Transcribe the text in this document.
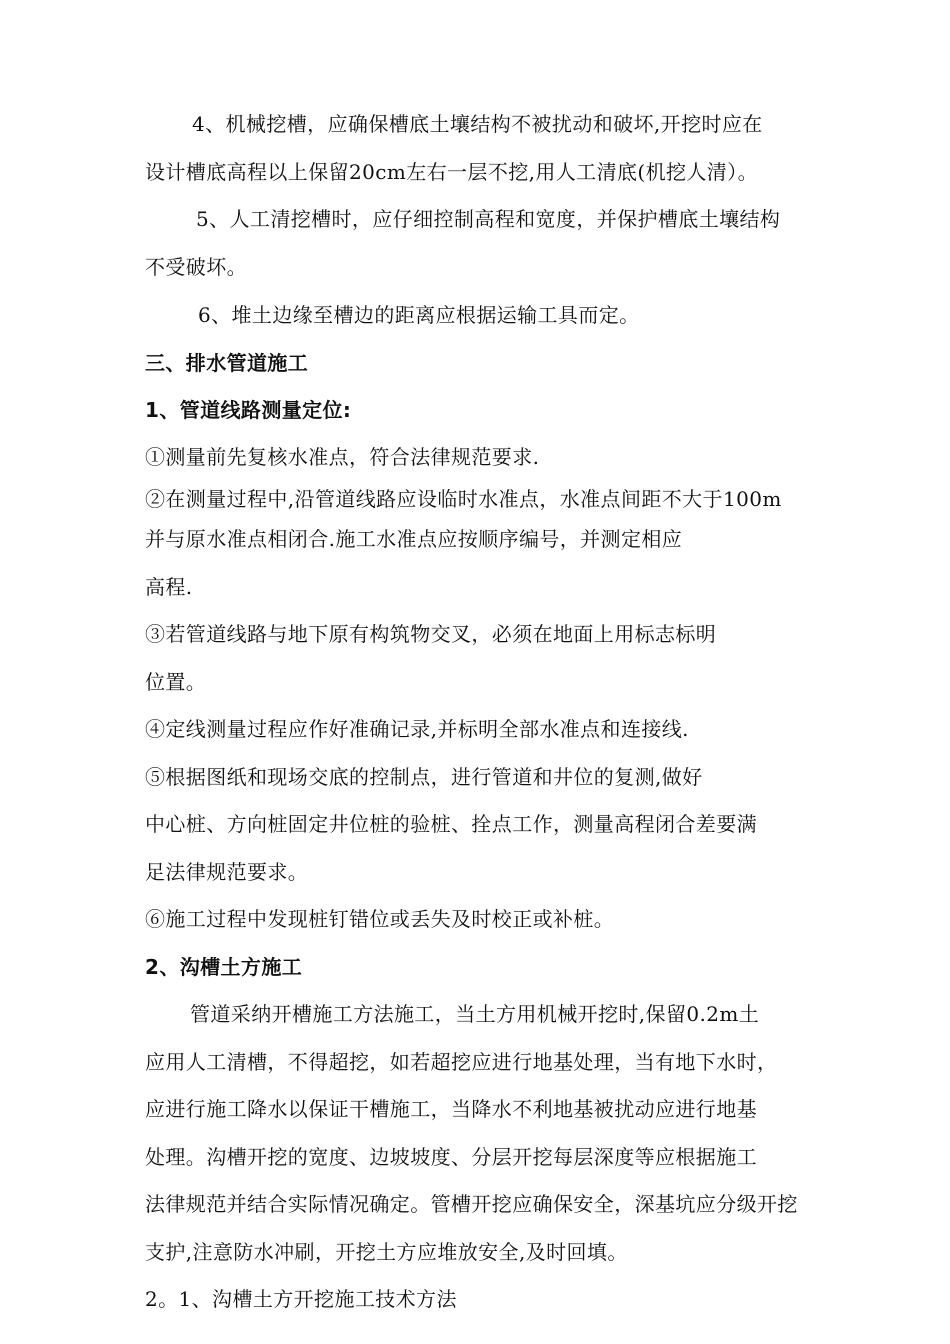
4、机械挖槽，应确保槽底土壤结构不被扰动和破坏,开挖时应在
设计槽底高程以上保留20cm左右一层不挖,用人工清底(机挖人清）。
5、人工清挖槽时，应仔细控制高程和宽度，并保护槽底土壤结构
不受破坏。
6、堆土边缘至槽边的距离应根据运输工具而定。
三、排水管道施工
1、管道线路测量定位:
①测量前先复核水准点，符合法律规范要求.
②在测量过程中,沿管道线路应设临时水准点，水准点间距不大于100m
并与原水准点相闭合.施工水准点应按顺序编号，并测定相应
高程.
③若管道线路与地下原有构筑物交叉，必须在地面上用标志标明
位置。
④定线测量过程应作好准确记录,并标明全部水准点和连接线.
⑤根据图纸和现场交底的控制点，进行管道和井位的复测,做好
中心桩、方向桩固定井位桩的验桩、拴点工作，测量高程闭合差要满
足法律规范要求。
⑥施工过程中发现桩钉错位或丢失及时校正或补桩。
2、沟槽土方施工
管道采纳开槽施工方法施工，当土方用机械开挖时,保留0.2m土
应用人工清槽，不得超挖，如若超挖应进行地基处理，当有地下水时，
应进行施工降水以保证干槽施工，当降水不利地基被扰动应进行地基
处理。沟槽开挖的宽度、边坡坡度、分层开挖每层深度等应根据施工
法律规范并结合实际情况确定。管槽开挖应确保安全，深基坑应分级开挖
支护,注意防水冲刷，开挖土方应堆放安全,及时回填。
2。1、沟槽土方开挖施工技术方法
